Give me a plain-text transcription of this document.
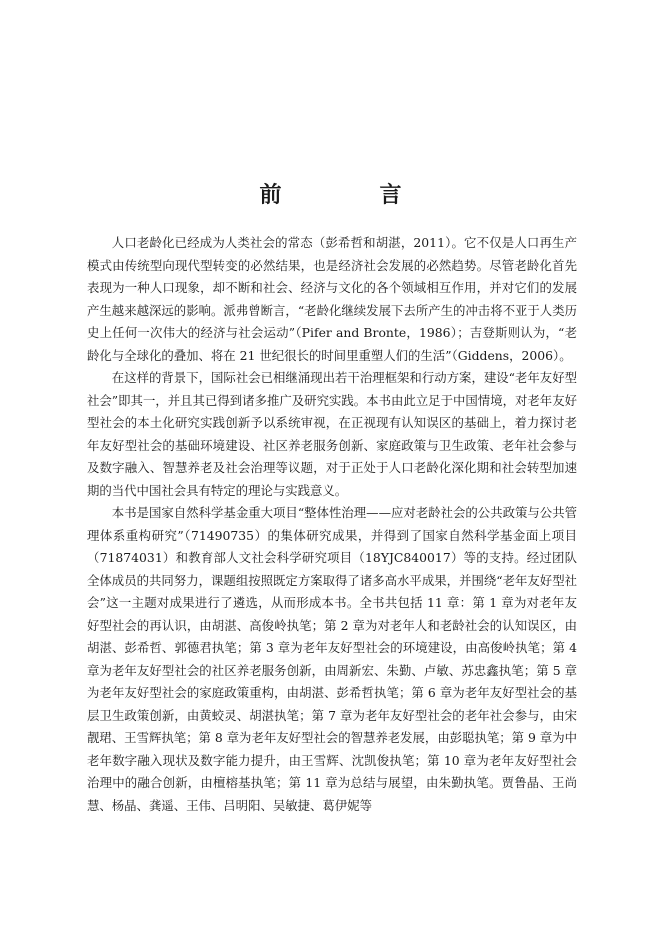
前　言

人口老龄化已经成为人类社会的常态（彭希哲和胡湛，2011）。它不仅是人口再生产模式由传统型向现代型转变的必然结果，也是经济社会发展的必然趋势。尽管老龄化首先表现为一种人口现象，却不断和社会、经济与文化的各个领域相互作用，并对它们的发展产生越来越深远的影响。派弗曾断言，“老龄化继续发展下去所产生的冲击将不亚于人类历史上任何一次伟大的经济与社会运动”（Pifer and Bronte，1986）；吉登斯则认为，“老龄化与全球化的叠加、将在 21 世纪很长的时间里重塑人们的生活”（Giddens，2006）。

在这样的背景下，国际社会已相继涌现出若干治理框架和行动方案，建设“老年友好型社会”即其一，并且其已得到诸多推广及研究实践。本书由此立足于中国情境，对老年友好型社会的本土化研究实践创新予以系统审视，在正视现有认知误区的基础上，着力探讨老年友好型社会的基础环境建设、社区养老服务创新、家庭政策与卫生政策、老年社会参与及数字融入、智慧养老及社会治理等议题，对于正处于人口老龄化深化期和社会转型加速期的当代中国社会具有特定的理论与实践意义。

本书是国家自然科学基金重大项目“整体性治理——应对老龄社会的公共政策与公共管理体系重构研究”（71490735）的集体研究成果，并得到了国家自然科学基金面上项目（71874031）和教育部人文社会科学研究项目（18YJC840017）等的支持。经过团队全体成员的共同努力，课题组按照既定方案取得了诸多高水平成果，并围绕“老年友好型社会”这一主题对成果进行了遴选，从而形成本书。全书共包括 11 章：第 1 章为对老年友好型社会的再认识，由胡湛、高俊岭执笔；第 2 章为对老年人和老龄社会的认知误区，由胡湛、彭希哲、郭德君执笔；第 3 章为老年友好型社会的环境建设，由高俊岭执笔；第 4 章为老年友好型社会的社区养老服务创新，由周新宏、朱勤、卢敏、苏忠鑫执笔；第 5 章为老年友好型社会的家庭政策重构，由胡湛、彭希哲执笔；第 6 章为老年友好型社会的基层卫生政策创新，由黄蛟灵、胡湛执笔；第 7 章为老年友好型社会的老年社会参与，由宋靓珺、王雪辉执笔；第 8 章为老年友好型社会的智慧养老发展，由彭聪执笔；第 9 章为中老年数字融入现状及数字能力提升，由王雪辉、沈凯俊执笔；第 10 章为老年友好型社会治理中的融合创新，由檀榕基执笔；第 11 章为总结与展望，由朱勤执笔。贾鲁晶、王尚慧、杨晶、龚遥、王伟、吕明阳、吴敏捷、葛伊妮等
